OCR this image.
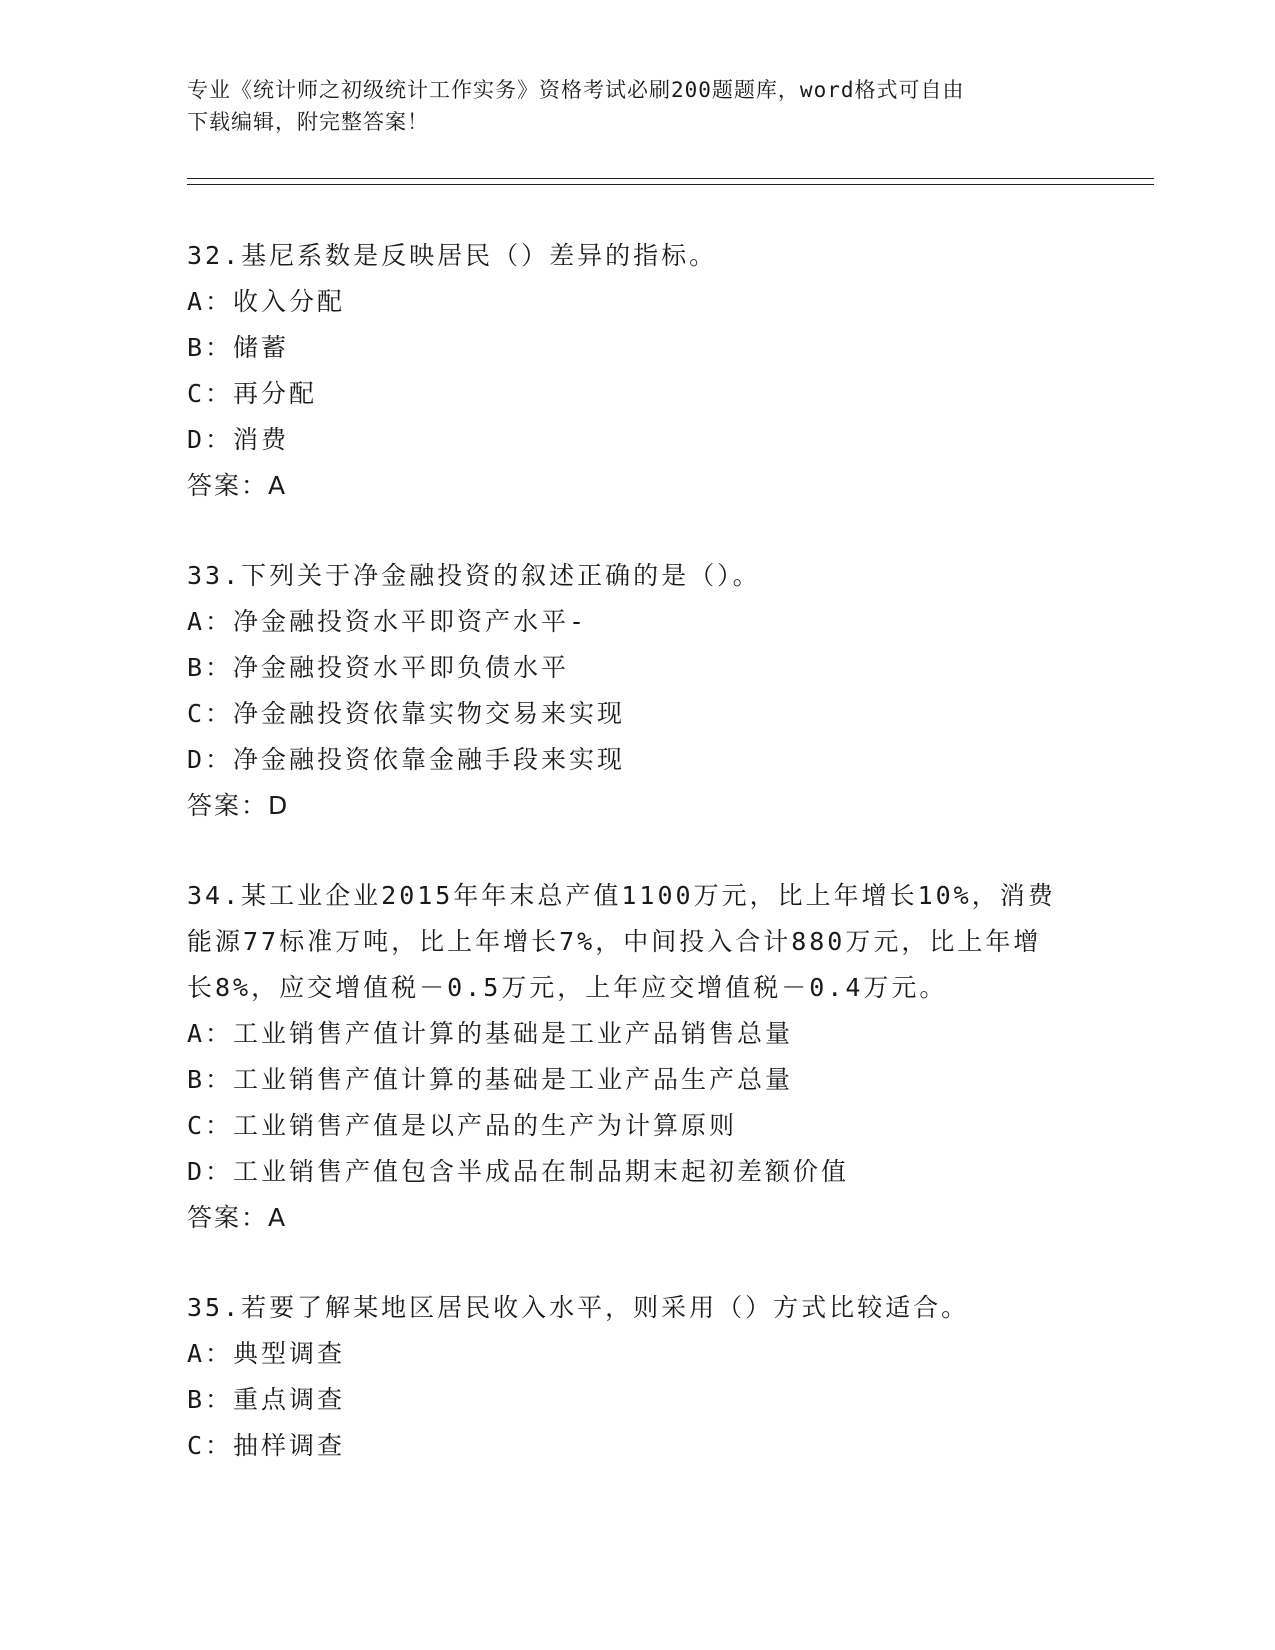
专业《统计师之初级统计工作实务》资格考试必刷200题题库，word格式可自由
下载编辑，附完整答案！
32.基尼系数是反映居民（）差异的指标。
A：收入分配
B：储蓄
C：再分配
D：消费
答案：A
33.下列关于净金融投资的叙述正确的是（）。
A：净金融投资水平即资产水平-
B：净金融投资水平即负债水平
C：净金融投资依靠实物交易来实现
D：净金融投资依靠金融手段来实现
答案：D
34.某工业企业2015年年末总产值1100万元，比上年增长10%，消费
能源77标准万吨，比上年增长7%，中间投入合计880万元，比上年增
长8%，应交增值税－0.5万元，上年应交增值税－0.4万元。
A：工业销售产值计算的基础是工业产品销售总量
B：工业销售产值计算的基础是工业产品生产总量
C：工业销售产值是以产品的生产为计算原则
D：工业销售产值包含半成品在制品期末起初差额价值
答案：A
35.若要了解某地区居民收入水平，则采用（）方式比较适合。
A：典型调查
B：重点调查
C：抽样调查
